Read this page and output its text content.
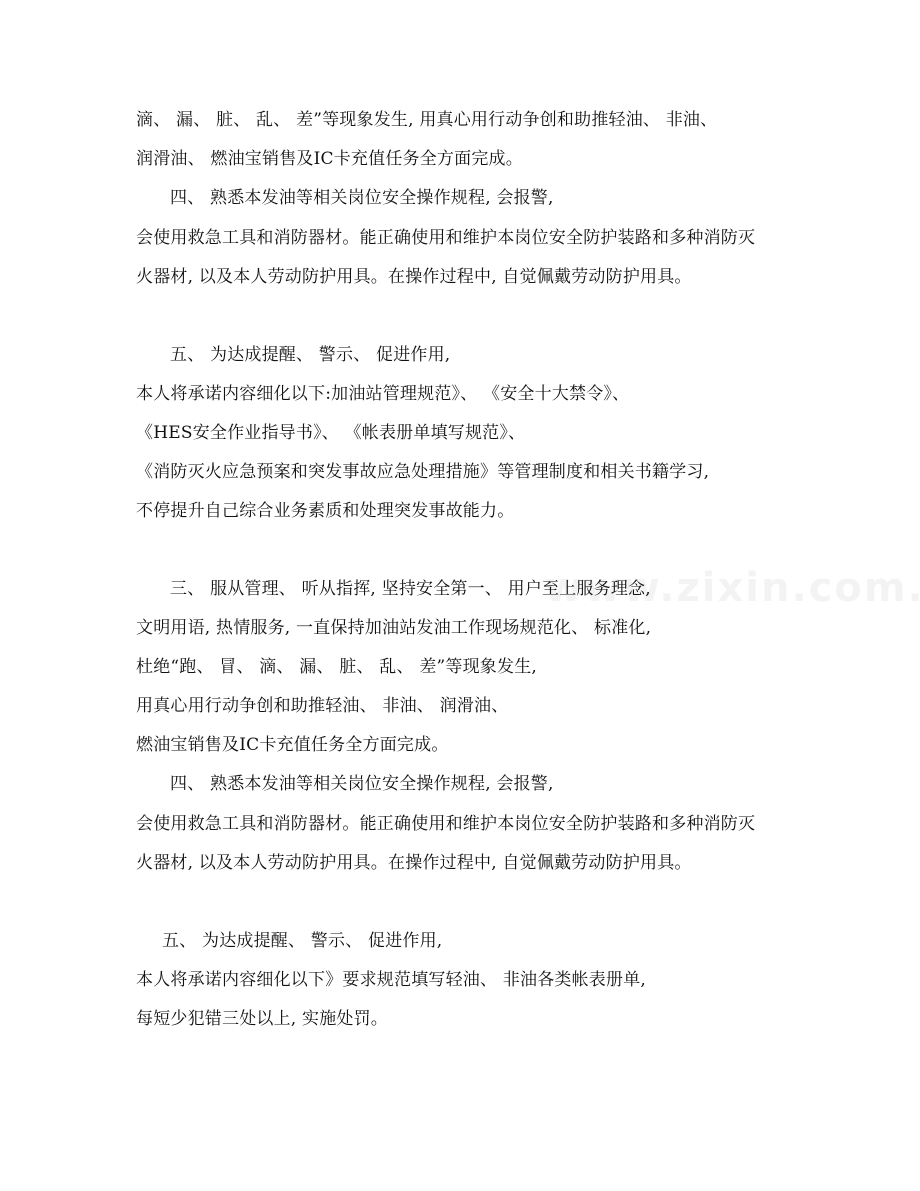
滴、 漏、 脏、 乱、 差”等现象发生, 用真心用行动争创和助推轻油、 非油、
润滑油、 燃油宝销售及IC卡充值任务全方面完成。
四、 熟悉本发油等相关岗位安全操作规程, 会报警,
会使用救急工具和消防器材。能正确使用和维护本岗位安全防护装路和多种消防灭
火器材, 以及本人劳动防护用具。在操作过程中, 自觉佩戴劳动防护用具。
五、 为达成提醒、 警示、 促进作用,
本人将承诺内容细化以下:加油站管理规范》、 《安全十大禁令》、
《HES安全作业指导书》、 《帐表册单填写规范》、
《消防灭火应急预案和突发事故应急处理措施》等管理制度和相关书籍学习,
不停提升自己综合业务素质和处理突发事故能力。
三、 服从管理、 听从指挥, 坚持安全第一、 用户至上服务理念,
文明用语, 热情服务, 一直保持加油站发油工作现场规范化、 标准化,
杜绝“跑、 冒、 滴、 漏、 脏、 乱、 差”等现象发生,
用真心用行动争创和助推轻油、 非油、 润滑油、
燃油宝销售及IC卡充值任务全方面完成。
四、 熟悉本发油等相关岗位安全操作规程, 会报警,
会使用救急工具和消防器材。能正确使用和维护本岗位安全防护装路和多种消防灭
火器材, 以及本人劳动防护用具。在操作过程中, 自觉佩戴劳动防护用具。
五、 为达成提醒、 警示、 促进作用,
本人将承诺内容细化以下》要求规范填写轻油、 非油各类帐表册单,
每短少犯错三处以上, 实施处罚。
